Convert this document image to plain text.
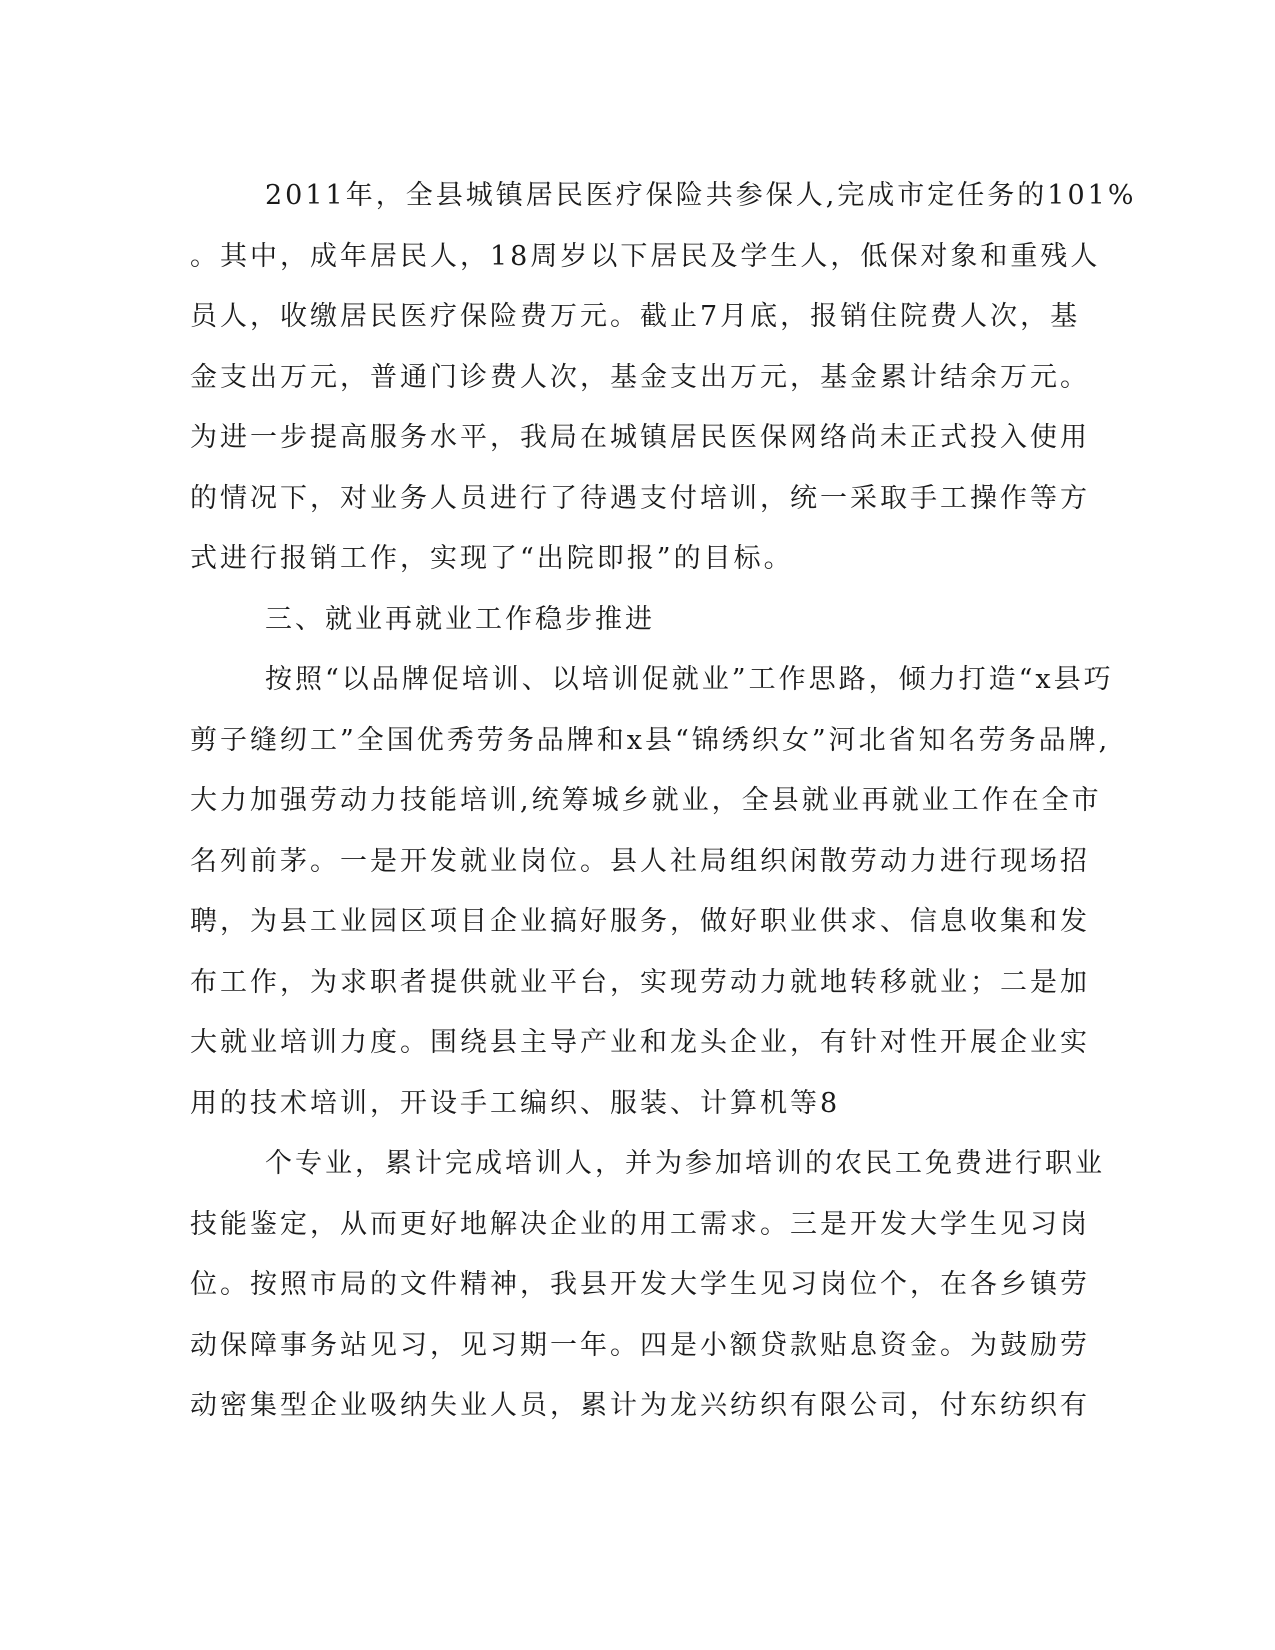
2011年，全县城镇居民医疗保险共参保人,完成市定任务的101%
。其中，成年居民人，18周岁以下居民及学生人，低保对象和重残人
员人，收缴居民医疗保险费万元。截止7月底，报销住院费人次，基
金支出万元，普通门诊费人次，基金支出万元，基金累计结余万元。
为进一步提高服务水平，我局在城镇居民医保网络尚未正式投入使用
的情况下，对业务人员进行了待遇支付培训，统一采取手工操作等方
式进行报销工作，实现了“出院即报”的目标。
三、就业再就业工作稳步推进
按照“以品牌促培训、以培训促就业”工作思路，倾力打造“x县巧
剪子缝纫工”全国优秀劳务品牌和x县“锦绣织女”河北省知名劳务品牌,
大力加强劳动力技能培训,统筹城乡就业，全县就业再就业工作在全市
名列前茅。一是开发就业岗位。县人社局组织闲散劳动力进行现场招
聘，为县工业园区项目企业搞好服务，做好职业供求、信息收集和发
布工作，为求职者提供就业平台，实现劳动力就地转移就业；二是加
大就业培训力度。围绕县主导产业和龙头企业，有针对性开展企业实
用的技术培训，开设手工编织、服装、计算机等8
个专业，累计完成培训人，并为参加培训的农民工免费进行职业
技能鉴定，从而更好地解决企业的用工需求。三是开发大学生见习岗
位。按照市局的文件精神，我县开发大学生见习岗位个，在各乡镇劳
动保障事务站见习，见习期一年。四是小额贷款贴息资金。为鼓励劳
动密集型企业吸纳失业人员，累计为龙兴纺织有限公司，付东纺织有
